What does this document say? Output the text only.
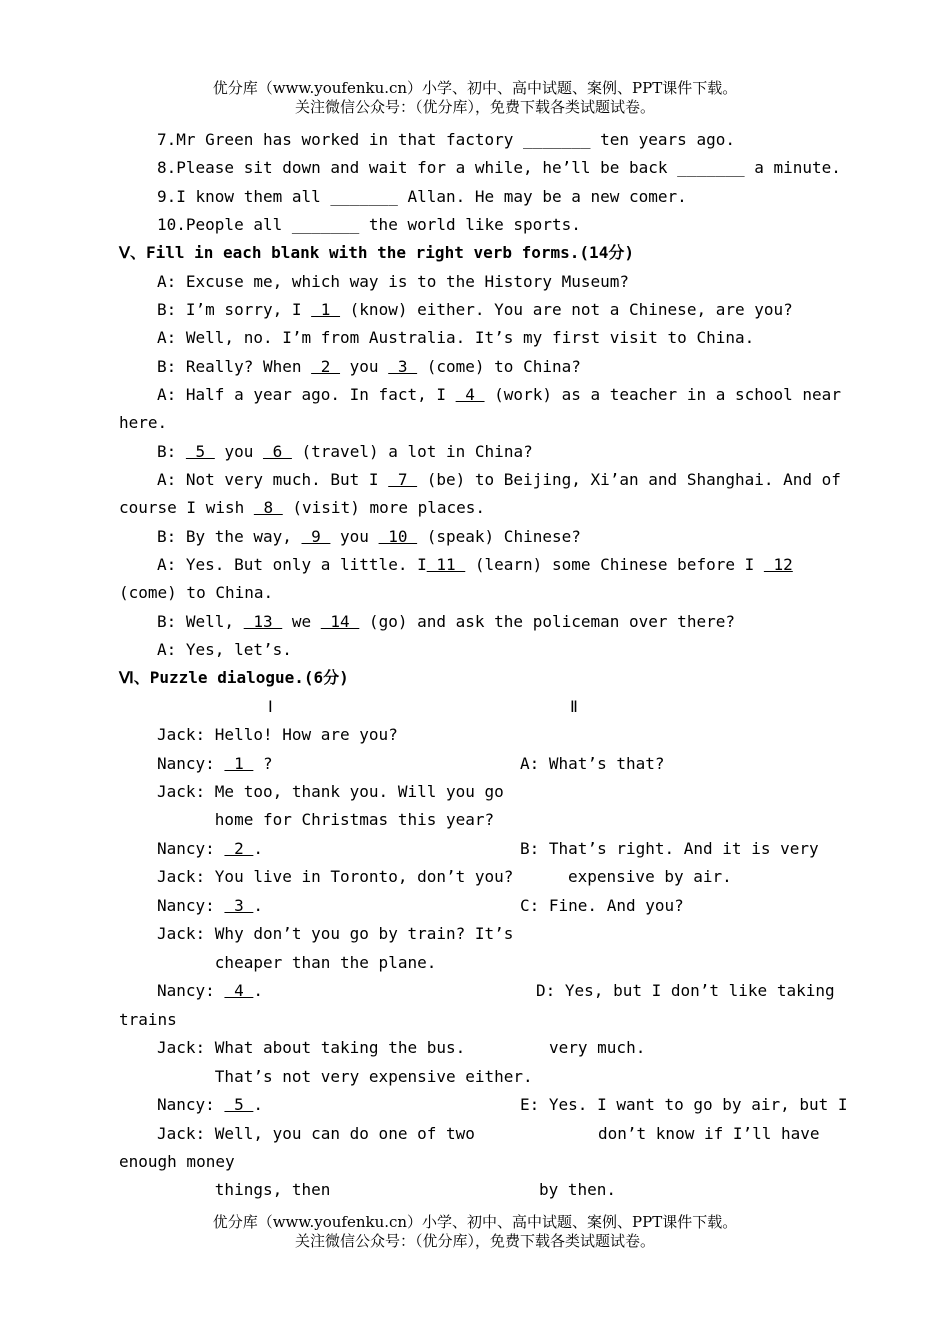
优分库（www.youfenku.cn）小学、初中、高中试题、案例、PPT课件下载。
关注微信公众号：（优分库），免费下载各类试题试卷。
7.Mr Green has worked in that factory _______ ten years ago.
8.Please sit down and wait for a while, he’ll be back _______ a minute.
9.I know them all _______ Allan. He may be a new comer.
10.People all _______ the world like sports.
Ⅴ、Fill in each blank with the right verb forms.(14分)
A: Excuse me, which way is to the History Museum?
B: I’m sorry, I  1  (know) either. You are not a Chinese, are you?
A: Well, no. I’m from Australia. It’s my first visit to China.
B: Really? When  2  you  3  (come) to China?
A: Half a year ago. In fact, I  4  (work) as a teacher in a school near
here.
B:  5  you  6  (travel) a lot in China?
A: Not very much. But I  7  (be) to Beijing, Xi’an and Shanghai. And of
course I wish  8  (visit) more places.
B: By the way,  9  you  10  (speak) Chinese?
A: Yes. But only a little. I 11  (learn) some Chinese before I  12
(come) to China.
B: Well,  13  we  14  (go) and ask the policeman over there?
A: Yes, let’s.
Ⅵ、Puzzle dialogue.(6分)
Ⅰ	Ⅱ
Jack: Hello! How are you?
Nancy:  1  ?	A: What’s that?
Jack: Me too, thank you. Will you go
home for Christmas this year?
Nancy:  2 .	B: That’s right. And it is very
Jack: You live in Toronto, don’t you?	expensive by air.
Nancy:  3 .	C: Fine. And you?
Jack: Why don’t you go by train? It’s
cheaper than the plane.
Nancy:  4 .	D: Yes, but I don’t like taking
trains
Jack: What about taking the bus.	very much.
That’s not very expensive either.
Nancy:  5 .	E: Yes. I want to go by air, but I
Jack: Well, you can do one of two	don’t know if I’ll have
enough money
things, then	by then.
优分库（www.youfenku.cn）小学、初中、高中试题、案例、PPT课件下载。
关注微信公众号：（优分库），免费下载各类试题试卷。
